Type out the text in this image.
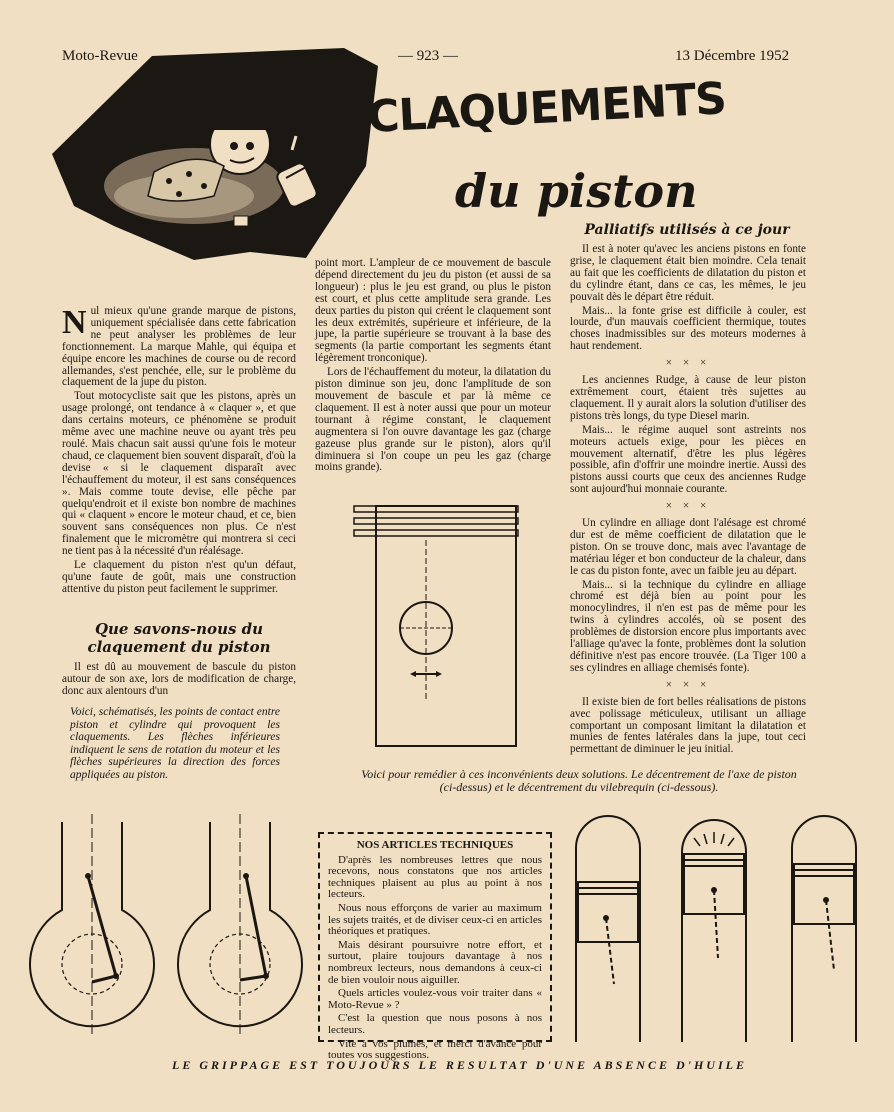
Moto-Revue	— 923 —	13 Décembre 1952
CLAQUEMENTS
du piston

Nul mieux qu'une grande marque de pistons, uniquement spécialisée dans cette fabrication ne peut analyser les problèmes de leur fonctionnement. La marque Mahle, qui équipa et équipe encore les machines de course ou de record allemandes, s'est penchée, elle, sur le problème du claquement de la jupe du piston.

Tout motocycliste sait que les pistons, après un usage prolongé, ont tendance à « claquer », et que dans certains moteurs, ce phénomène se produit même avec une machine neuve ou ayant très peu roulé. Mais chacun sait aussi qu'une fois le moteur chaud, ce claquement bien souvent disparaît, d'où la devise « si le claquement disparaît avec l'échauffement du moteur, il est sans conséquences ». Mais comme toute devise, elle pêche par quelqu'endroit et il existe bon nombre de machines qui « claquent » encore le moteur chaud, et ce, bien souvent sans conséquences non plus. Ce n'est finalement que le micromètre qui montrera si ceci ne tient pas à la nécessité d'un réalésage.

Le claquement du piston n'est qu'un défaut, qu'une faute de goût, mais une construction attentive du piston peut facilement le supprimer.

Que savons-nous du claquement du piston

Il est dû au mouvement de bascule du piston autour de son axe, lors de modification de charge, donc aux alentours d'un

Voici, schématisés, les points de contact entre piston et cylindre qui provoquent les claquements. Les flèches inférieures indiquent le sens de rotation du moteur et les flèches supérieures la direction des forces appliquées au piston.

point mort. L'ampleur de ce mouvement de bascule dépend directement du jeu du piston (et aussi de sa longueur) : plus le jeu est grand, ou plus le piston est court, et plus cette amplitude sera grande. Les deux parties du piston qui créent le claquement sont les deux extrémités, supérieure et inférieure, de la jupe, la partie supérieure se trouvant à la base des segments (la partie comportant les segments étant légèrement tronconique).

Lors de l'échauffement du moteur, la dilatation du piston diminue son jeu, donc l'amplitude de son mouvement de bascule et par là même ce claquement. Il est à noter aussi que pour un moteur tournant à régime constant, le claquement augmentera si l'on ouvre davantage les gaz (charge gazeuse plus grande sur le piston), alors qu'il diminuera si l'on coupe un peu les gaz (charge moins grande).

Palliatifs utilisés à ce jour

Il est à noter qu'avec les anciens pistons en fonte grise, le claquement était bien moindre. Cela tenait au fait que les coefficients de dilatation du piston et du cylindre étant, dans ce cas, les mêmes, le jeu pouvait dès le départ être réduit.

Mais... la fonte grise est difficile à couler, est lourde, d'un mauvais coefficient thermique, toutes choses inadmissibles sur des moteurs modernes à haut rendement.

× × ×

Les anciennes Rudge, à cause de leur piston extrêmement court, étaient très sujettes au claquement. Il y aurait alors la solution d'utiliser des pistons très longs, du type Diesel marin.

Mais... le régime auquel sont astreints nos moteurs actuels exige, pour les pièces en mouvement alternatif, d'être les plus légères possible, afin d'offrir une moindre inertie. Aussi des pistons aussi courts que ceux des anciennes Rudge sont aujourd'hui monnaie courante.

× × ×

Un cylindre en alliage dont l'alésage est chromé dur est de même coefficient de dilatation que le piston. On se trouve donc, mais avec l'avantage de matériau léger et bon conducteur de la chaleur, dans le cas du piston fonte, avec un faible jeu au départ.

Mais... si la technique du cylindre en alliage chromé est déjà bien au point pour les monocylindres, il n'en est pas de même pour les twins à cylindres accolés, où se posent des problèmes de distorsion encore plus importants avec l'alliage qu'avec la fonte, problèmes dont la solution définitive n'est pas encore trouvée. (La Tiger 100 a ses cylindres en alliage chemisés fonte).

× × ×

Il existe bien de fort belles réalisations de pistons avec polissage méticuleux, utilisant un alliage comportant un composant limitant la dilatation et munies de fentes latérales dans la jupe, tout ceci permettant de diminuer le jeu initial.

Voici pour remédier à ces inconvénients deux solutions. Le décentrement de l'axe de piston (ci-dessus) et le décentrement du vilebrequin (ci-dessous).

NOS ARTICLES TECHNIQUES

D'après les nombreuses lettres que nous recevons, nous constatons que nos articles techniques plaisent au plus au point à nos lecteurs.

Nous nous efforçons de varier au maximum les sujets traités, et de diviser ceux-ci en articles théoriques et pratiques.

Mais désirant poursuivre notre effort, et surtout, plaire toujours davantage à nos nombreux lecteurs, nous demandons à ceux-ci de bien vouloir nous aiguiller.

Quels articles voulez-vous voir traiter dans « Moto-Revue » ?

C'est la question que nous posons à nos lecteurs.

Vite à vos plumes, et merci d'avance pour toutes vos suggestions.

LE GRIPPAGE EST TOUJOURS LE RESULTAT D'UNE ABSENCE D'HUILE
